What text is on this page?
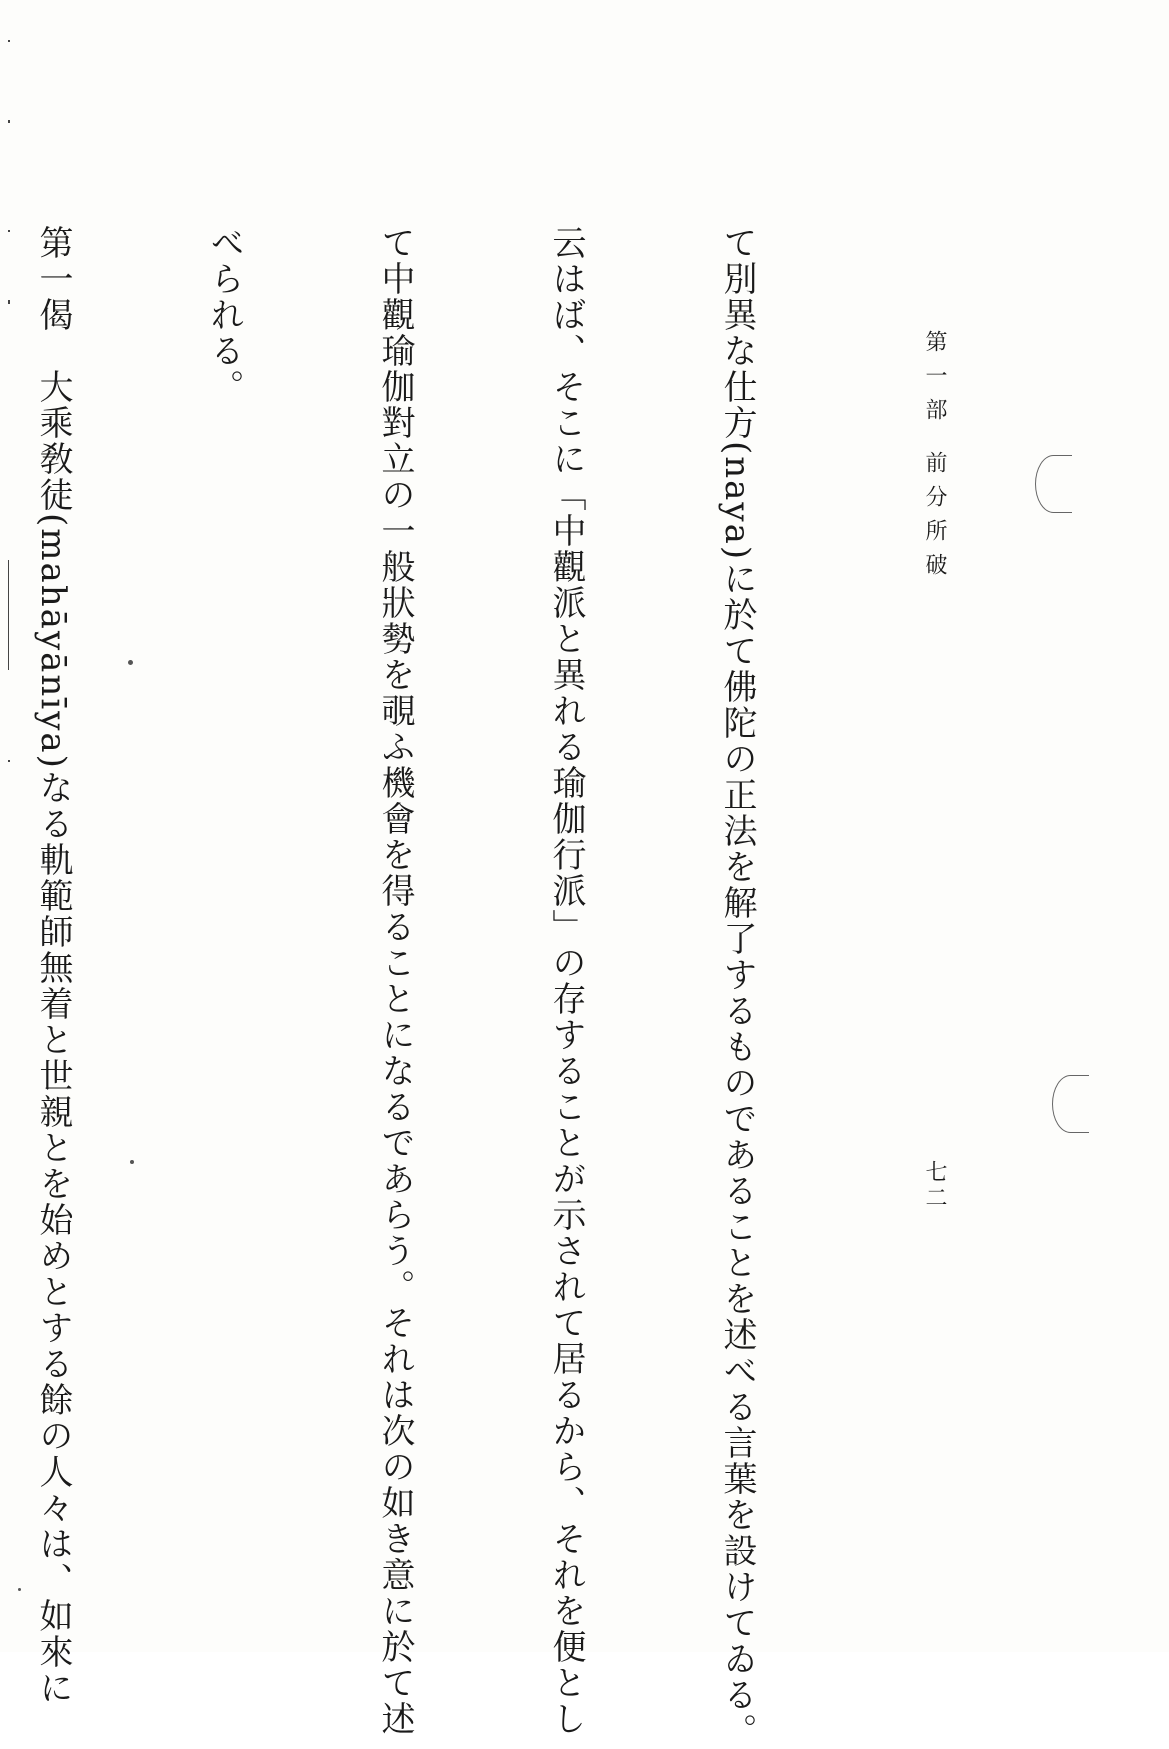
第一部 前分所破
七二

て別異な仕方(naya)に於て佛陀の正法を解了するものであることを述べる言葉を設けてゐる。

云はば、そこに「中觀派と異れる瑜伽行派」の存することが示されて居るから、それを便とし

て中觀瑜伽對立の一般狀勢を覗ふ機會を得ることになるであらう。それは次の如き意に於て述

べられる。

第一偈　大乘敎徒(mahāyānīya)なる軌範師無着と世親とを始めとする餘の人々は、如來に
